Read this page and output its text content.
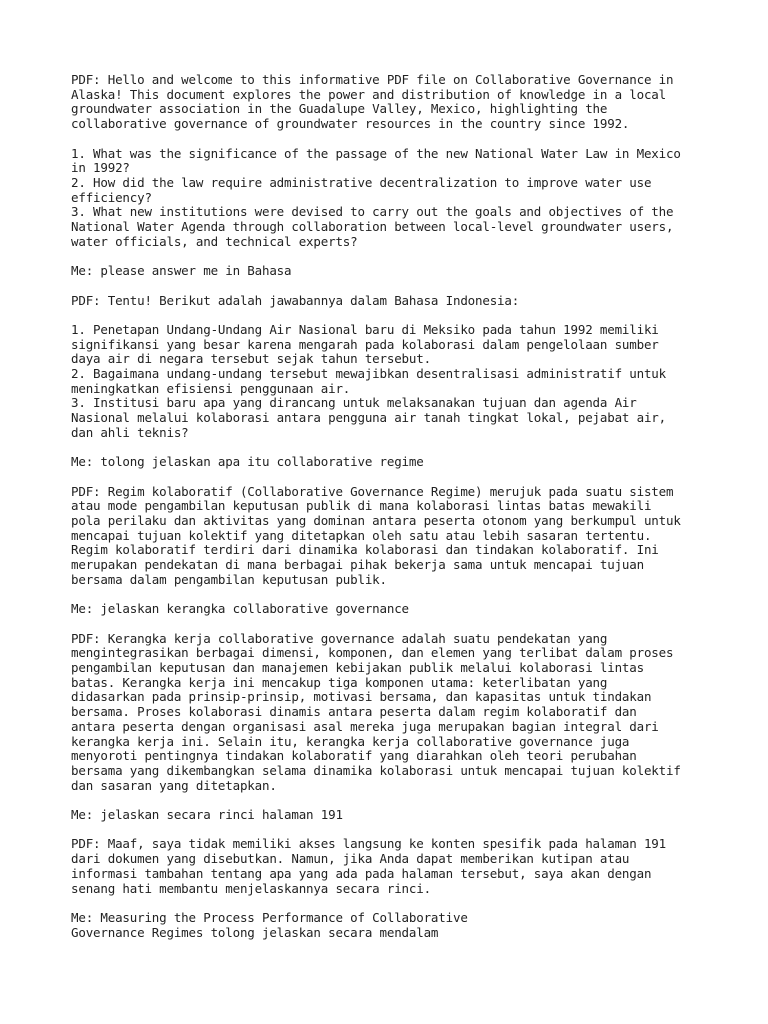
PDF: Hello and welcome to this informative PDF file on Collaborative Governance in
Alaska! This document explores the power and distribution of knowledge in a local
groundwater association in the Guadalupe Valley, Mexico, highlighting the
collaborative governance of groundwater resources in the country since 1992.
1. What was the significance of the passage of the new National Water Law in Mexico
in 1992?
2. How did the law require administrative decentralization to improve water use
efficiency?
3. What new institutions were devised to carry out the goals and objectives of the
National Water Agenda through collaboration between local-level groundwater users,
water officials, and technical experts?
Me: please answer me in Bahasa
PDF: Tentu! Berikut adalah jawabannya dalam Bahasa Indonesia:
1. Penetapan Undang-Undang Air Nasional baru di Meksiko pada tahun 1992 memiliki
signifikansi yang besar karena mengarah pada kolaborasi dalam pengelolaan sumber
daya air di negara tersebut sejak tahun tersebut.
2. Bagaimana undang-undang tersebut mewajibkan desentralisasi administratif untuk
meningkatkan efisiensi penggunaan air.
3. Institusi baru apa yang dirancang untuk melaksanakan tujuan dan agenda Air
Nasional melalui kolaborasi antara pengguna air tanah tingkat lokal, pejabat air,
dan ahli teknis?
Me: tolong jelaskan apa itu collaborative regime
PDF: Regim kolaboratif (Collaborative Governance Regime) merujuk pada suatu sistem
atau mode pengambilan keputusan publik di mana kolaborasi lintas batas mewakili
pola perilaku dan aktivitas yang dominan antara peserta otonom yang berkumpul untuk
mencapai tujuan kolektif yang ditetapkan oleh satu atau lebih sasaran tertentu.
Regim kolaboratif terdiri dari dinamika kolaborasi dan tindakan kolaboratif. Ini
merupakan pendekatan di mana berbagai pihak bekerja sama untuk mencapai tujuan
bersama dalam pengambilan keputusan publik.
Me: jelaskan kerangka collaborative governance
PDF: Kerangka kerja collaborative governance adalah suatu pendekatan yang
mengintegrasikan berbagai dimensi, komponen, dan elemen yang terlibat dalam proses
pengambilan keputusan dan manajemen kebijakan publik melalui kolaborasi lintas
batas. Kerangka kerja ini mencakup tiga komponen utama: keterlibatan yang
didasarkan pada prinsip-prinsip, motivasi bersama, dan kapasitas untuk tindakan
bersama. Proses kolaborasi dinamis antara peserta dalam regim kolaboratif dan
antara peserta dengan organisasi asal mereka juga merupakan bagian integral dari
kerangka kerja ini. Selain itu, kerangka kerja collaborative governance juga
menyoroti pentingnya tindakan kolaboratif yang diarahkan oleh teori perubahan
bersama yang dikembangkan selama dinamika kolaborasi untuk mencapai tujuan kolektif
dan sasaran yang ditetapkan.
Me: jelaskan secara rinci halaman 191
PDF: Maaf, saya tidak memiliki akses langsung ke konten spesifik pada halaman 191
dari dokumen yang disebutkan. Namun, jika Anda dapat memberikan kutipan atau
informasi tambahan tentang apa yang ada pada halaman tersebut, saya akan dengan
senang hati membantu menjelaskannya secara rinci.
Me: Measuring the Process Performance of Collaborative
Governance Regimes tolong jelaskan secara mendalam
